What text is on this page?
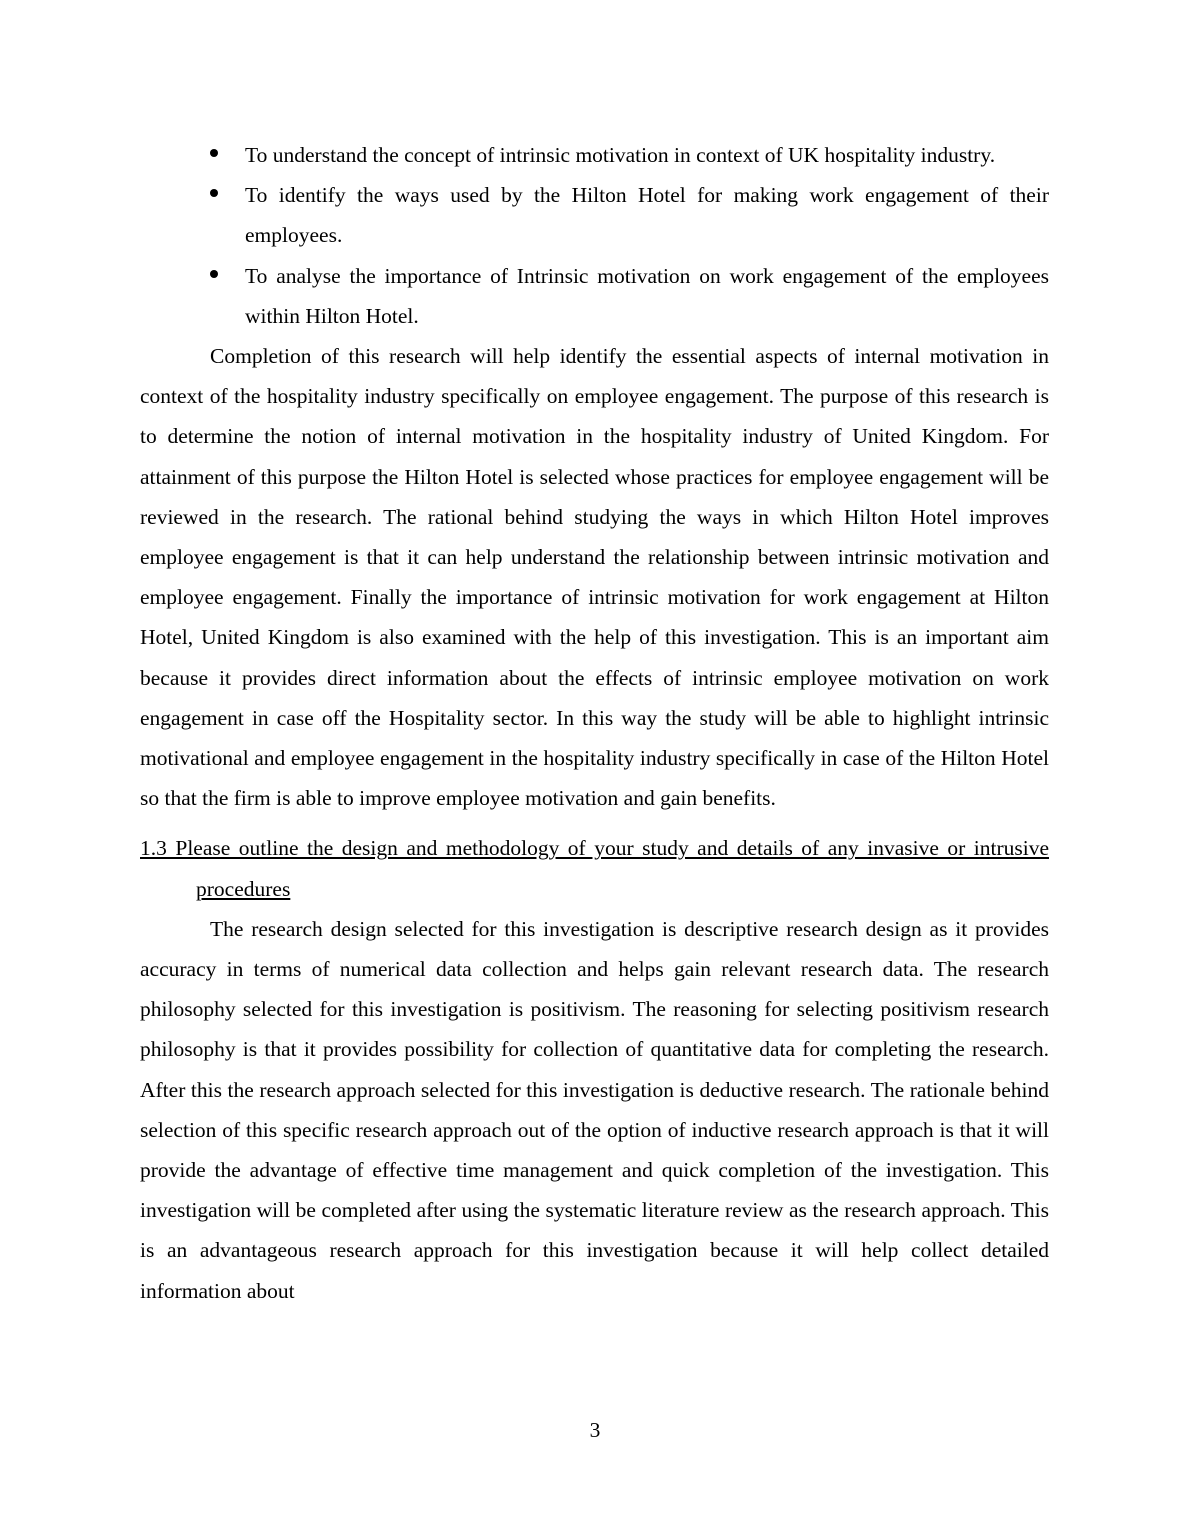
To understand the concept of intrinsic motivation in context of UK hospitality industry.
To identify the ways used by the Hilton Hotel for making work engagement of their employees.
To analyse the importance of Intrinsic motivation on work engagement of the employees within Hilton Hotel.

Completion of this research will help identify the essential aspects of internal motivation in context of the hospitality industry specifically on employee engagement. The purpose of this research is to determine the notion of internal motivation in the hospitality industry of United Kingdom. For attainment of this purpose the Hilton Hotel is selected whose practices for employee engagement will be reviewed in the research. The rational behind studying the ways in which Hilton Hotel improves employee engagement is that it can help understand the relationship between intrinsic motivation and employee engagement. Finally the importance of intrinsic motivation for work engagement at Hilton Hotel, United Kingdom is also examined with the help of this investigation. This is an important aim because it provides direct information about the effects of intrinsic employee motivation on work engagement in case off the Hospitality sector. In this way the study will be able to highlight intrinsic motivational and employee engagement in the hospitality industry specifically in case of the Hilton Hotel so that the firm is able to improve employee motivation and gain benefits.

1.3 Please outline the design and methodology of your study and details of any invasive or intrusive procedures

The research design selected for this investigation is descriptive research design as it provides accuracy in terms of numerical data collection and helps gain relevant research data. The research philosophy selected for this investigation is positivism. The reasoning for selecting positivism research philosophy is that it provides possibility for collection of quantitative data for completing the research. After this the research approach selected for this investigation is deductive research. The rationale behind selection of this specific research approach out of the option of inductive research approach is that it will provide the advantage of effective time management and quick completion of the investigation. This investigation will be completed after using the systematic literature review as the research approach. This is an advantageous research approach for this investigation because it will help collect detailed information about

3
